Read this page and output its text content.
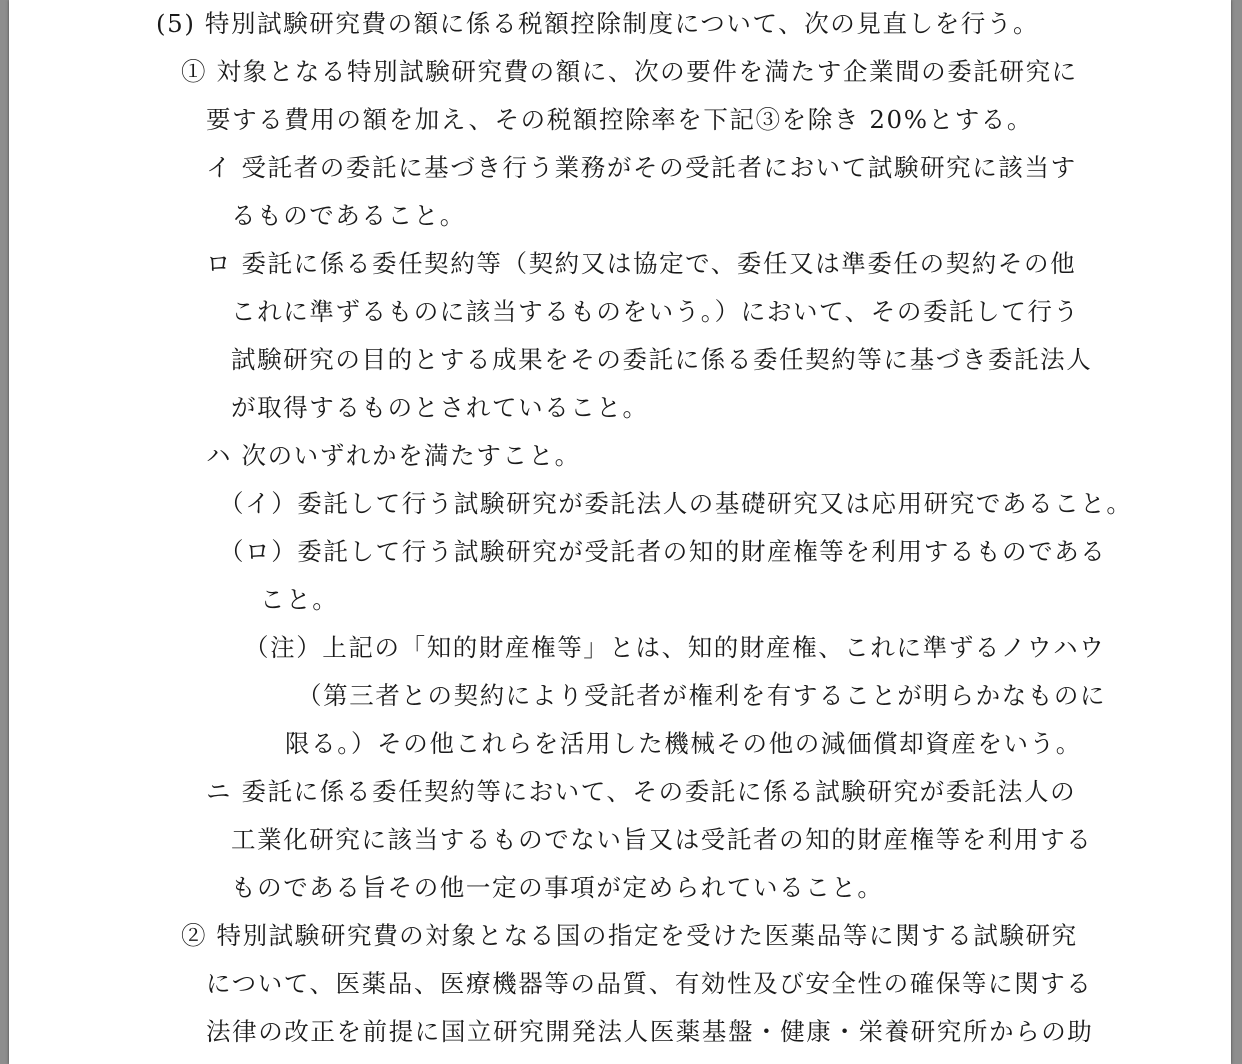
(5) 特別試験研究費の額に係る税額控除制度について、次の見直しを行う。
① 対象となる特別試験研究費の額に、次の要件を満たす企業間の委託研究に
要する費用の額を加え、その税額控除率を下記③を除き 20%とする。
イ 受託者の委託に基づき行う業務がその受託者において試験研究に該当す
るものであること。
ロ 委託に係る委任契約等（契約又は協定で、委任又は準委任の契約その他
これに準ずるものに該当するものをいう。）において、その委託して行う
試験研究の目的とする成果をその委託に係る委任契約等に基づき委託法人
が取得するものとされていること。
ハ 次のいずれかを満たすこと。
（イ）委託して行う試験研究が委託法人の基礎研究又は応用研究であること。
（ロ）委託して行う試験研究が受託者の知的財産権等を利用するものである
こと。
（注）上記の「知的財産権等」とは、知的財産権、これに準ずるノウハウ
（第三者との契約により受託者が権利を有することが明らかなものに
限る。）その他これらを活用した機械その他の減価償却資産をいう。
ニ 委託に係る委任契約等において、その委託に係る試験研究が委託法人の
工業化研究に該当するものでない旨又は受託者の知的財産権等を利用する
ものである旨その他一定の事項が定められていること。
② 特別試験研究費の対象となる国の指定を受けた医薬品等に関する試験研究
について、医薬品、医療機器等の品質、有効性及び安全性の確保等に関する
法律の改正を前提に国立研究開発法人医薬基盤・健康・栄養研究所からの助
